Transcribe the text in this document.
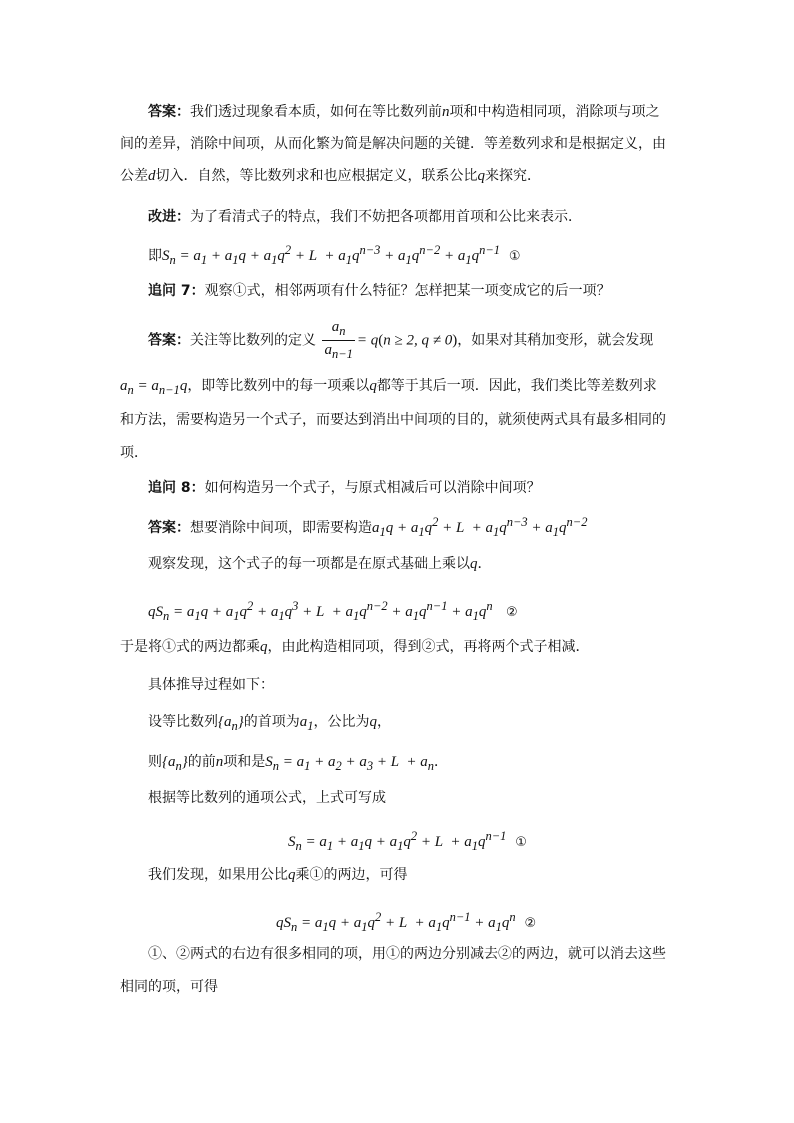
答案：我们透过现象看本质，如何在等比数列前n项和中构造相同项，消除项与项之
间的差异，消除中间项，从而化繁为简是解决问题的关键．等差数列求和是根据定义，由
公差d切入．自然，等比数列求和也应根据定义，联系公比q来探究．
改进：为了看清式子的特点，我们不妨把各项都用首项和公比来表示．
即$S_n = a_1 + a_1q + a_1q^2 + L + a_1q^{n-3} + a_1q^{n-2} + a_1q^{n-1}$ ①
追问 7：观察①式，相邻两项有什么特征？怎样把某一项变成它的后一项？
答案：关注等比数列的定义 $\frac{a_n}{a_{n-1}} = q(n \ge 2$, q ≠ 0)，如果对其稍加变形，就会发现
$a_n = a_{n-1}q$，即等比数列中的每一项乘以q都等于其后一项．因此，我们类比等差数列求
和方法，需要构造另一个式子，而要达到消出中间项的目的，就须使两式具有最多相同的
项．
追问 8：如何构造另一个式子，与原式相减后可以消除中间项？
答案：想要消除中间项，即需要构造$a_1q + a_1q^2 + L + a_1q^{n-3} + a_1q^{n-2}$
观察发现，这个式子的每一项都是在原式基础上乘以q．
$qS_n = a_1q + a_1q^2 + a_1q^3 + L + a_1q^{n-2} + a_1q^{n-1} + a_1q^n$ ②
于是将①式的两边都乘q，由此构造相同项，得到②式，再将两个式子相减．
具体推导过程如下：
设等比数列$\{a_n\}$的首项为$a_1$，公比为q，
则$\{a_n\}$的前n项和是$S_n = a_1 + a_2 + a_3 + L + a_n$．
根据等比数列的通项公式，上式可写成
$S_n = a_1 + a_1q + a_1q^2 + L + a_1q^{n-1}$ ①
我们发现，如果用公比q乘①的两边，可得
$qS_n = a_1q + a_1q^2 + L + a_1q^{n-1} + a_1q^n$ ②
①、②两式的右边有很多相同的项，用①的两边分别减去②的两边，就可以消去这些
相同的项，可得
